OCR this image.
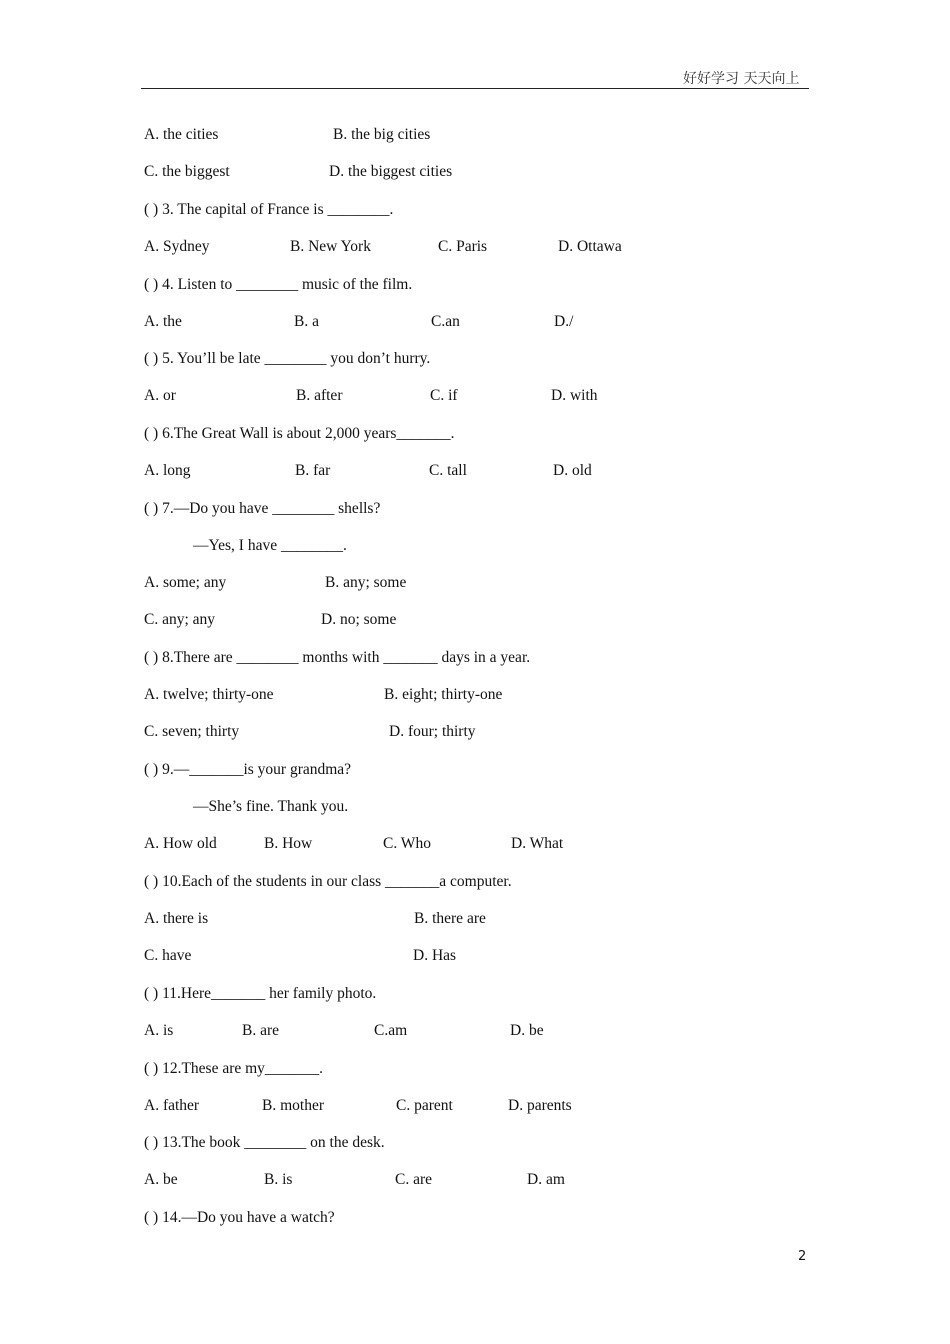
好好学习 天天向上
A. the cities	B. the big cities
C. the biggest	D. the biggest cities
( ) 3. The capital of France is ________.
A. Sydney	B. New York	C. Paris	D. Ottawa
( ) 4. Listen to ________ music of the film.
A. the	B. a	C.an	D./
( ) 5. You’ll be late ________ you don’t hurry.
A. or	B. after	C. if	D. with
( ) 6.The Great Wall is about 2,000 years_______.
A. long	B. far	C. tall	D. old
( ) 7.—Do you have ________ shells?
—Yes, I have ________.
A. some; any	B. any; some
C. any; any	D. no; some
( ) 8.There are ________ months with _______ days in a year.
A. twelve; thirty-one	B. eight; thirty-one
C. seven; thirty	D. four; thirty
( ) 9.—_______is your grandma?
—She’s fine. Thank you.
A. How old	B. How	C. Who	D. What
( ) 10.Each of the students in our class _______a computer.
A. there is	B. there are
C. have	D. Has
( ) 11.Here_______ her family photo.
A. is	B. are	C.am	D. be
( ) 12.These are my_______.
A. father	B. mother	C. parent	D. parents
( ) 13.The book ________ on the desk.
A. be	B. is	C. are	D. am
( ) 14.—Do you have a watch?
2
